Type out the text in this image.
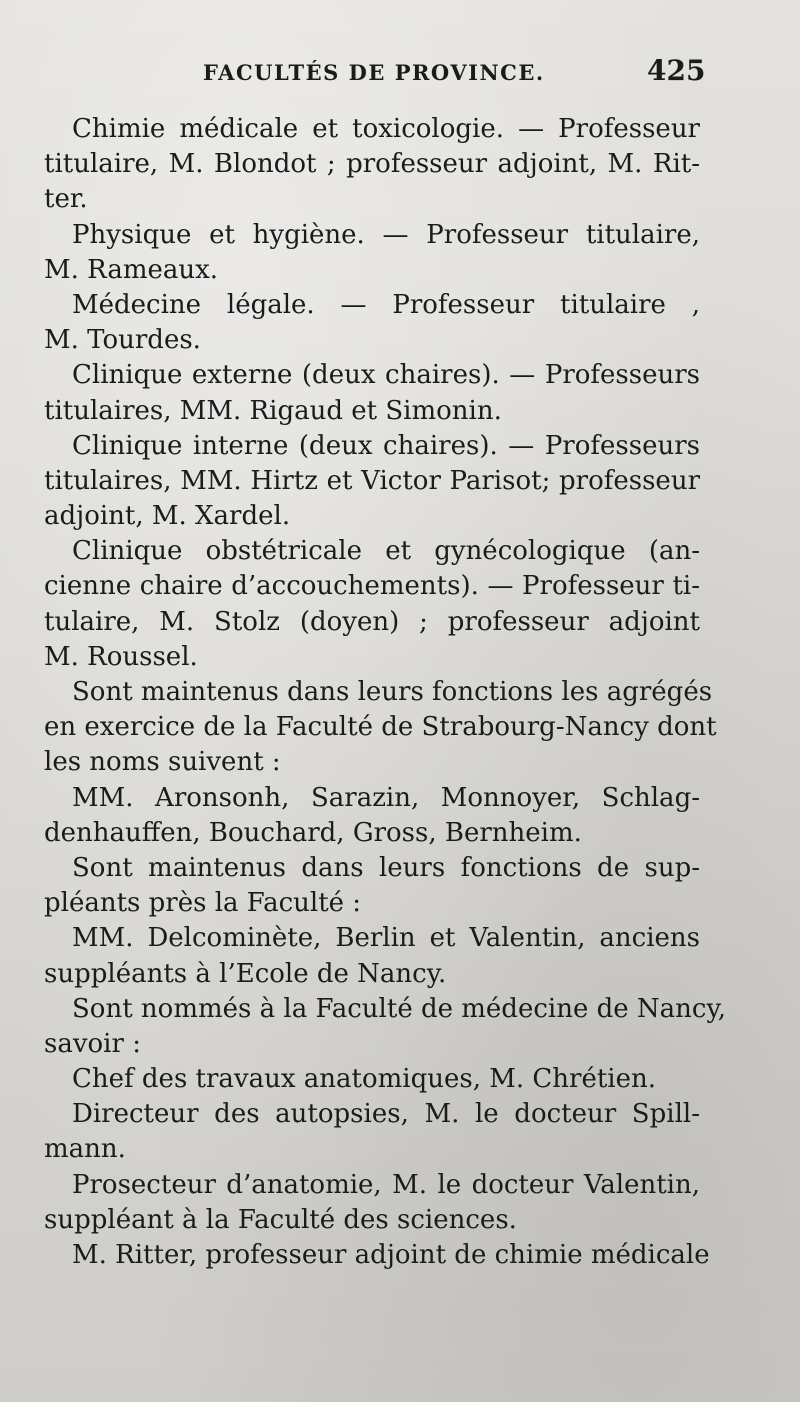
FACULTÉS DE PROVINCE.	425
Chimie médicale et toxicologie. — Professeur
titulaire, M. Blondot ; professeur adjoint, M. Rit-
ter.
Physique et hygiène. — Professeur titulaire,
M. Rameaux.
Médecine légale. — Professeur titulaire ,
M. Tourdes.
Clinique externe (deux chaires). — Professeurs
titulaires, MM. Rigaud et Simonin.
Clinique interne (deux chaires). — Professeurs
titulaires, MM. Hirtz et Victor Parisot; professeur
adjoint, M. Xardel.
Clinique obstétricale et gynécologique (an-
cienne chaire d’accouchements). — Professeur ti-
tulaire, M. Stolz (doyen) ; professeur adjoint
M. Roussel.
Sont maintenus dans leurs fonctions les agrégés
en exercice de la Faculté de Strabourg-Nancy dont
les noms suivent :
MM. Aronsonh, Sarazin, Monnoyer, Schlag-
denhauffen, Bouchard, Gross, Bernheim.
Sont maintenus dans leurs fonctions de sup-
pléants près la Faculté :
MM. Delcominète, Berlin et Valentin, anciens
suppléants à l’Ecole de Nancy.
Sont nommés à la Faculté de médecine de Nancy,
savoir :
Chef des travaux anatomiques, M. Chrétien.
Directeur des autopsies, M. le docteur Spill-
mann.
Prosecteur d’anatomie, M. le docteur Valentin,
suppléant à la Faculté des sciences.
M. Ritter, professeur adjoint de chimie médicale
